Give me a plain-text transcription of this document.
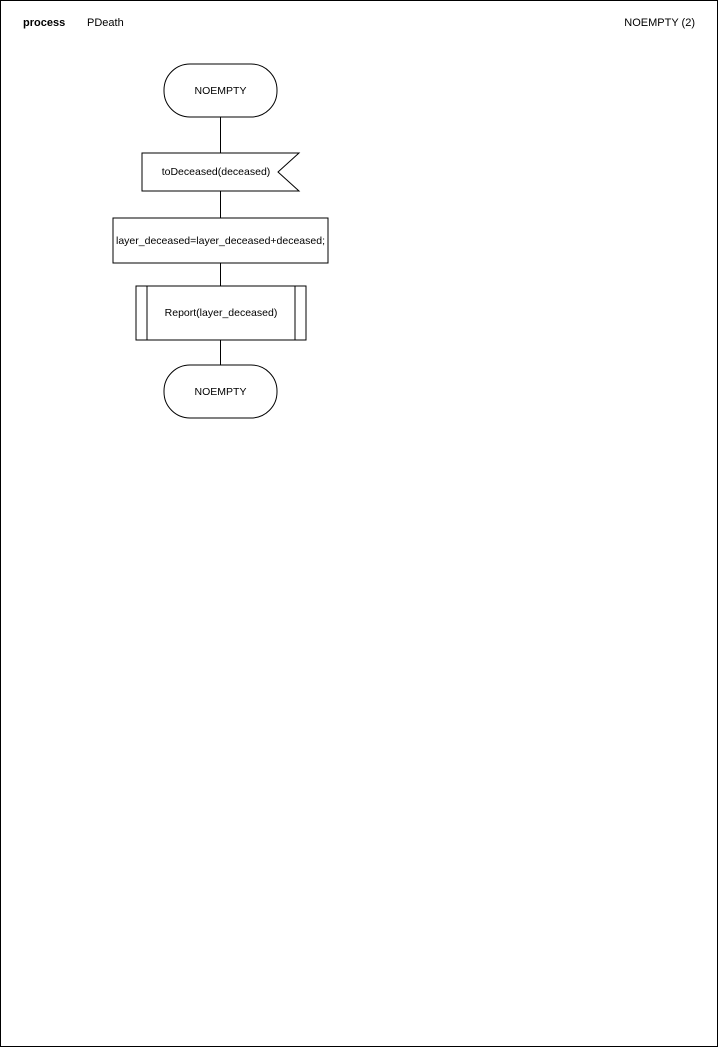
process PDeath	NOEMPTY (2)
NOEMPTY
toDeceased(deceased)
layer_deceased=layer_deceased+deceased;
Report(layer_deceased)
NOEMPTY
